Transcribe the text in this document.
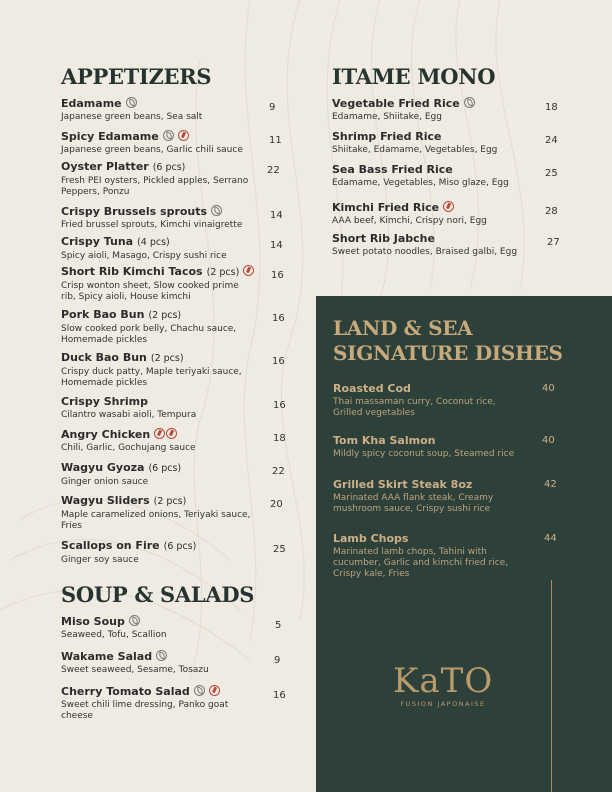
APPETIZERS
Edamame
Japanese green beans, Sea salt
9
Spicy Edamame
Japanese green beans, Garlic chili sauce
11
Oyster Platter (6 pcs)
Fresh PEI oysters, Pickled apples, Serrano Peppers, Ponzu
22
Crispy Brussels sprouts
Fried brussel sprouts, Kimchi vinaigrette
14
Crispy Tuna (4 pcs)
Spicy aioli, Masago, Crispy sushi rice
14
Short Rib Kimchi Tacos (2 pcs)
Crisp wonton sheet, Slow cooked prime rib, Spicy aioli, House kimchi
16
Pork Bao Bun (2 pcs)
Slow cooked pork belly, Chachu sauce, Homemade pickles
16
Duck Bao Bun (2 pcs)
Crispy duck patty, Maple teriyaki sauce, Homemade pickles
16
Crispy Shrimp
Cilantro wasabi aioli, Tempura
16
Angry Chicken
Chili, Garlic, Gochujang sauce
18
Wagyu Gyoza (6 pcs)
Ginger onion sauce
22
Wagyu Sliders (2 pcs)
Maple caramelized onions, Teriyaki sauce, Fries
20
Scallops on Fire (6 pcs)
Ginger soy sauce
25
SOUP & SALADS
Miso Soup
Seaweed, Tofu, Scallion
5
Wakame Salad
Sweet seaweed, Sesame, Tosazu
9
Cherry Tomato Salad
Sweet chili lime dressing, Panko goat cheese
16
ITAME MONO
Vegetable Fried Rice
Edamame, Shiitake, Egg
18
Shrimp Fried Rice
Shiitake, Edamame, Vegetables, Egg
24
Sea Bass Fried Rice
Edamame, Vegetables, Miso glaze, Egg
25
Kimchi Fried Rice
AAA beef, Kimchi, Crispy nori, Egg
28
Short Rib Jabche
Sweet potato noodles, Braised galbi, Egg
27
LAND & SEA
SIGNATURE DISHES
Roasted Cod
Thai massaman curry, Coconut rice, Grilled vegetables
40
Tom Kha Salmon
Mildly spicy coconut soup, Steamed rice
40
Grilled Skirt Steak 8oz
Marinated AAA flank steak, Creamy mushroom sauce, Crispy sushi rice
42
Lamb Chops
Marinated lamb chops, Tahini with cucumber, Garlic and kimchi fried rice, Crispy kale, Fries
44
KaTO
FUSION JAPONAISE
